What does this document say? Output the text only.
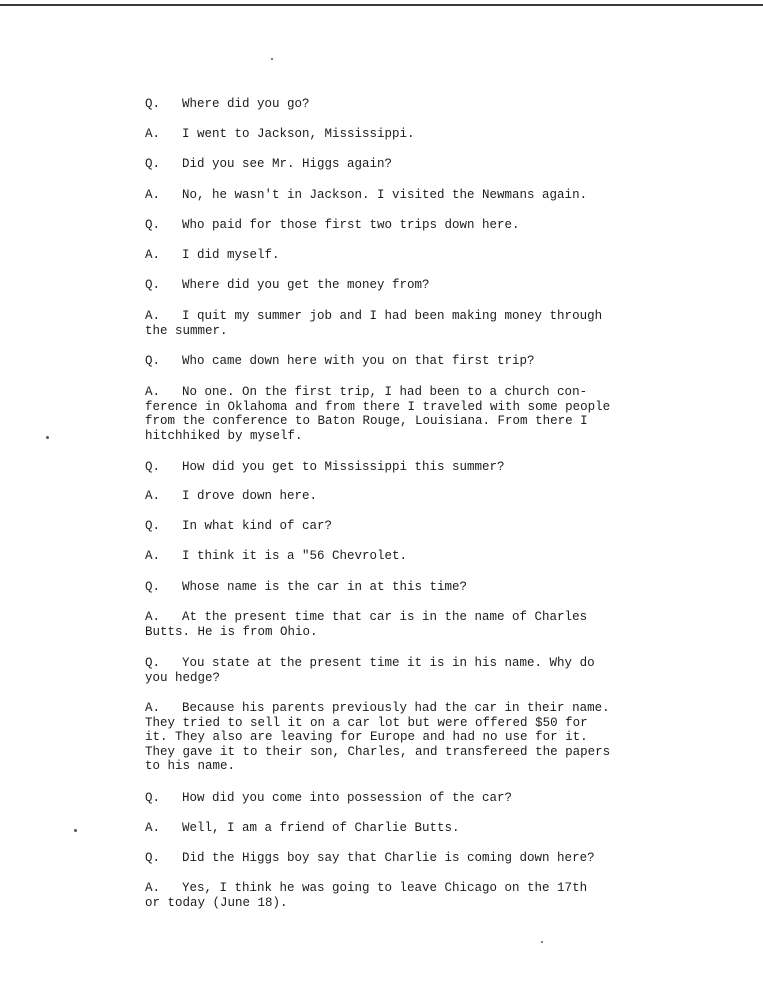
Q. Where did you go?
A. I went to Jackson, Mississippi.
Q. Did you see Mr. Higgs again?
A. No, he wasn't in Jackson. I visited the Newmans again.
Q. Who paid for those first two trips down here.
A. I did myself.
Q. Where did you get the money from?
A. I quit my summer job and I had been making money through
the summer.
Q. Who came down here with you on that first trip?
A. No one. On the first trip, I had been to a church con-
ference in Oklahoma and from there I traveled with some people
from the conference to Baton Rouge, Louisiana. From there I
hitchhiked by myself.
Q. How did you get to Mississippi this summer?
A. I drove down here.
Q. In what kind of car?
A. I think it is a "56 Chevrolet.
Q. Whose name is the car in at this time?
A. At the present time that car is in the name of Charles
Butts. He is from Ohio.
Q. You state at the present time it is in his name. Why do
you hedge?
A. Because his parents previously had the car in their name.
They tried to sell it on a car lot but were offered $50 for
it. They also are leaving for Europe and had no use for it.
They gave it to their son, Charles, and transfereed the papers
to his name.
Q. How did you come into possession of the car?
A. Well, I am a friend of Charlie Butts.
Q. Did the Higgs boy say that Charlie is coming down here?
A. Yes, I think he was going to leave Chicago on the 17th
or today (June 18).
